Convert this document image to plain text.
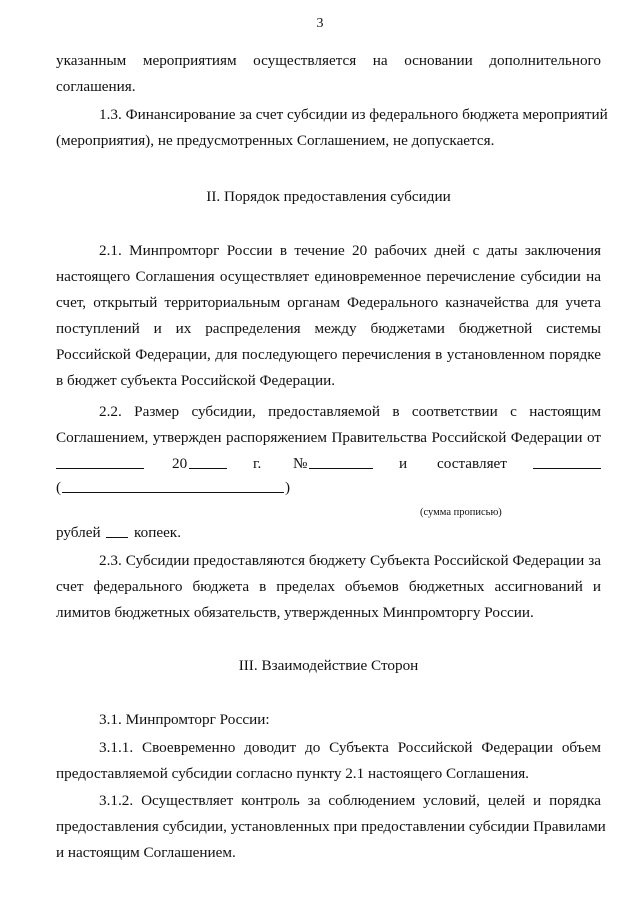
3
указанным мероприятиям осуществляется на основании дополнительного
соглашения.
1.3. Финансирование за счет субсидии из федерального бюджета мероприятий
(мероприятия), не предусмотренных Соглашением, не допускается.
II. Порядок предоставления субсидии
2.1. Минпромторг России в течение 20 рабочих дней с даты заключения
настоящего Соглашения осуществляет единовременное перечисление субсидии на
счет, открытый территориальным органам Федерального казначейства для учета
поступлений и их распределения между бюджетами бюджетной системы
Российской Федерации, для последующего перечисления в установленном порядке
в бюджет субъекта Российской Федерации.
2.2. Размер субсидии, предоставляемой в соответствии с настоящим
Соглашением, утвержден распоряжением Правительства Российской Федерации от
20	г. №	и составляет
(	)
(сумма прописью)
рублей копеек.
2.3. Субсидии предоставляются бюджету Субъекта Российской Федерации за
счет федерального бюджета в пределах объемов бюджетных ассигнований и
лимитов бюджетных обязательств, утвержденных Минпромторгу России.
III. Взаимодействие Сторон
3.1. Минпромторг России:
3.1.1. Своевременно доводит до Субъекта Российской Федерации объем
предоставляемой субсидии согласно пункту 2.1 настоящего Соглашения.
3.1.2. Осуществляет контроль за соблюдением условий, целей и порядка
предоставления субсидии, установленных при предоставлении субсидии Правилами
и настоящим Соглашением.
